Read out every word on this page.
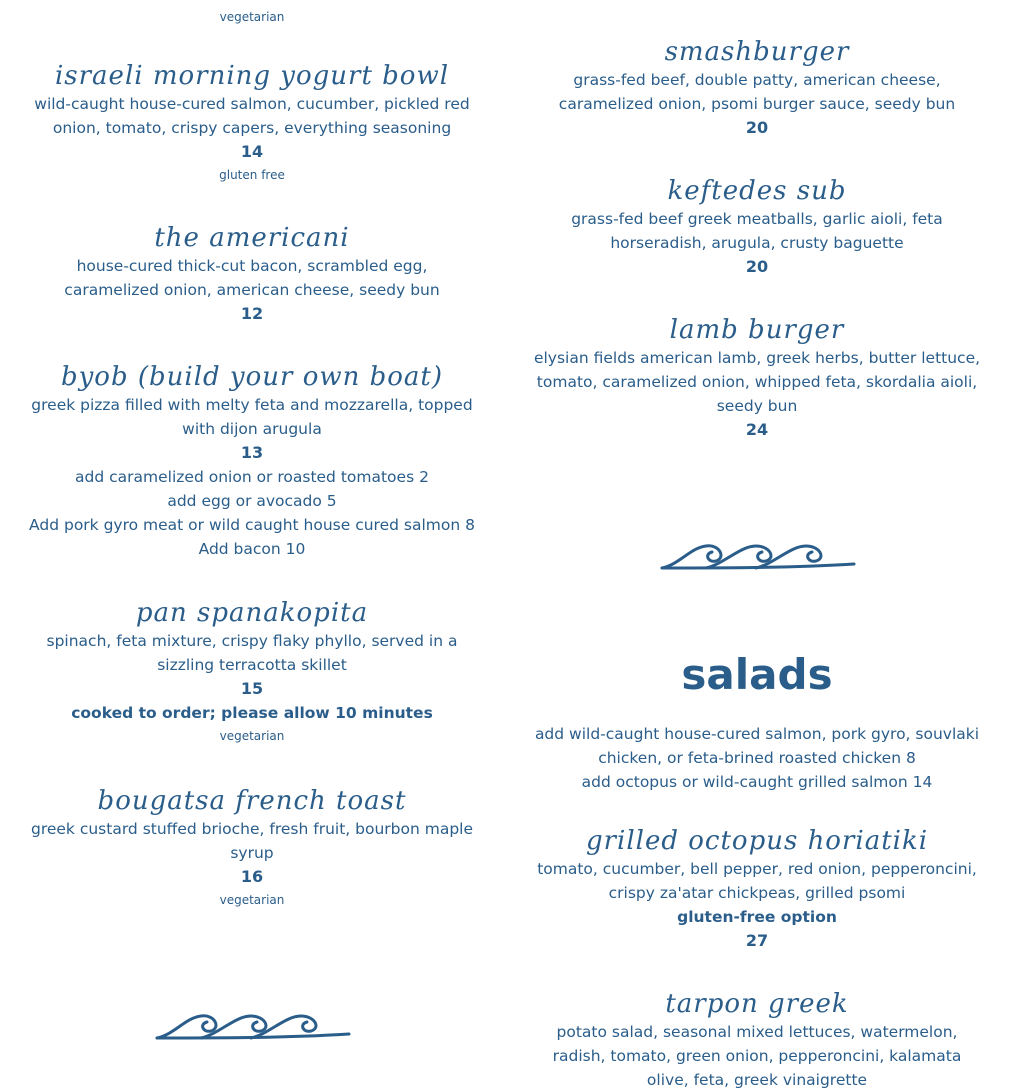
vegetarian
israeli morning yogurt bowl
wild-caught house-cured salmon, cucumber, pickled red onion, tomato, crispy capers, everything seasoning
14
gluten free
the americani
house-cured thick-cut bacon, scrambled egg, caramelized onion, american cheese, seedy bun
12
byob (build your own boat)
greek pizza filled with melty feta and mozzarella, topped with dijon arugula
13
add caramelized onion or roasted tomatoes 2
add egg or avocado 5
Add pork gyro meat or wild caught house cured salmon 8
Add bacon 10
pan spanakopita
spinach, feta mixture, crispy flaky phyllo, served in a sizzling terracotta skillet
15
cooked to order; please allow 10 minutes
vegetarian
bougatsa french toast
greek custard stuffed brioche, fresh fruit, bourbon maple syrup
16
vegetarian
smashburger
grass-fed beef, double patty, american cheese, caramelized onion, psomi burger sauce, seedy bun
20
keftedes sub
grass-fed beef greek meatballs, garlic aioli, feta horseradish, arugula, crusty baguette
20
lamb burger
elysian fields american lamb, greek herbs, butter lettuce, tomato, caramelized onion, whipped feta, skordalia aioli, seedy bun
24
salads
add wild-caught house-cured salmon, pork gyro, souvlaki chicken, or feta-brined roasted chicken 8
add octopus or wild-caught grilled salmon 14
grilled octopus horiatiki
tomato, cucumber, bell pepper, red onion, pepperoncini, crispy za'atar chickpeas, grilled psomi
gluten-free option
27
tarpon greek
potato salad, seasonal mixed lettuces, watermelon, radish, tomato, green onion, pepperoncini, kalamata olive, feta, greek vinaigrette
